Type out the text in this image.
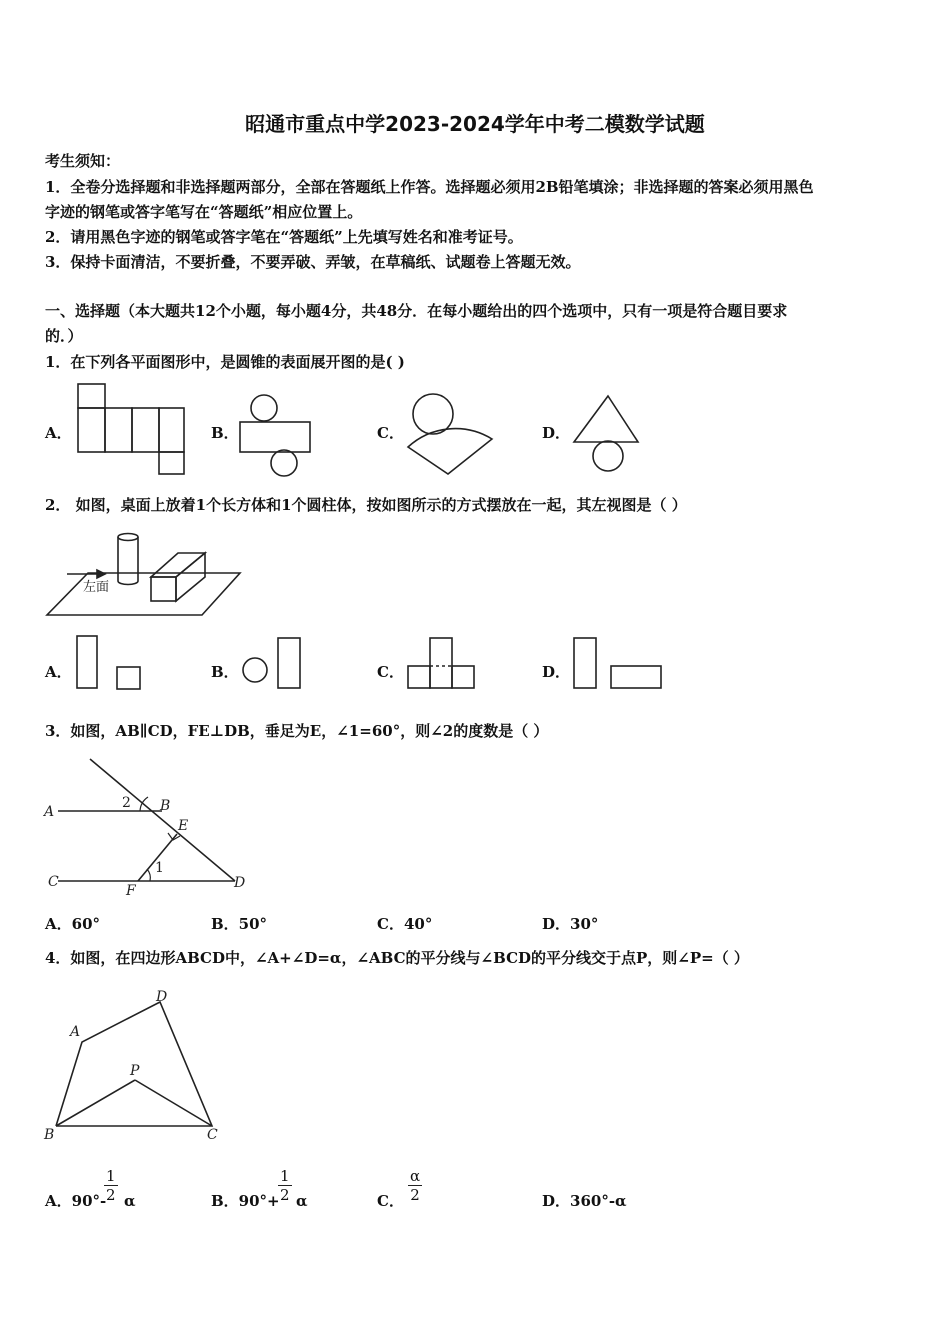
昭通市重点中学2023-2024学年中考二模数学试题
考生须知：
1．全卷分选择题和非选择题两部分，全部在答题纸上作答。选择题必须用2B铅笔填涂；非选择题的答案必须用黑色
字迹的钢笔或答字笔写在“答题纸”相应位置上。
2．请用黑色字迹的钢笔或答字笔在“答题纸”上先填写姓名和准考证号。
3．保持卡面清洁，不要折叠，不要弄破、弄皱，在草稿纸、试题卷上答题无效。
一、选择题（本大题共12个小题，每小题4分，共48分．在每小题给出的四个选项中，只有一项是符合题目要求
的．）
1．在下列各平面图形中，是圆锥的表面展开图的是( )
A．	B．	C．	D．
2． 如图，桌面上放着1个长方体和1个圆柱体，按如图所示的方式摆放在一起，其左视图是（ ）
左面
A．	B．	C．	D．
3．如图，AB∥CD，FE⊥DB，垂足为E，∠1=60°，则∠2的度数是（ ）
A
C
B
E
F	D
1
2
A．60°	B．50°	C．40°	D．30°
4．如图，在四边形ABCD中，∠A+∠D=α，∠ABC的平分线与∠BCD的平分线交于点P，则∠P=（ ）
A
D
P
B	C
A．90°-
$\frac{1}{2}$ α	B．90°+
$\frac{1}{2}$ α	C． $\frac{\alpha}{2}$	D．360°-α
